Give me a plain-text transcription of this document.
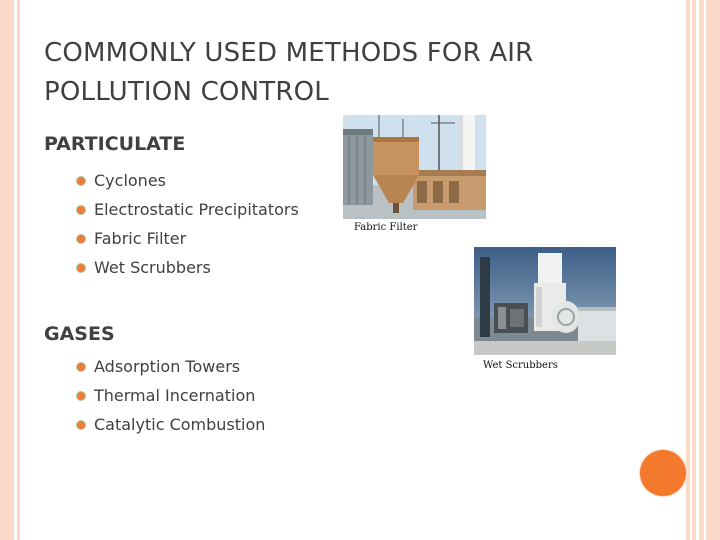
COMMONLY USED METHODS FOR AIR POLLUTION CONTROL
PARTICULATE
Cyclones
Electrostatic Precipitators
Fabric Filter
Wet Scrubbers
GASES
Adsorption Towers
Thermal Incernation
Catalytic Combustion
Fabric Filter
Wet Scrubbers
